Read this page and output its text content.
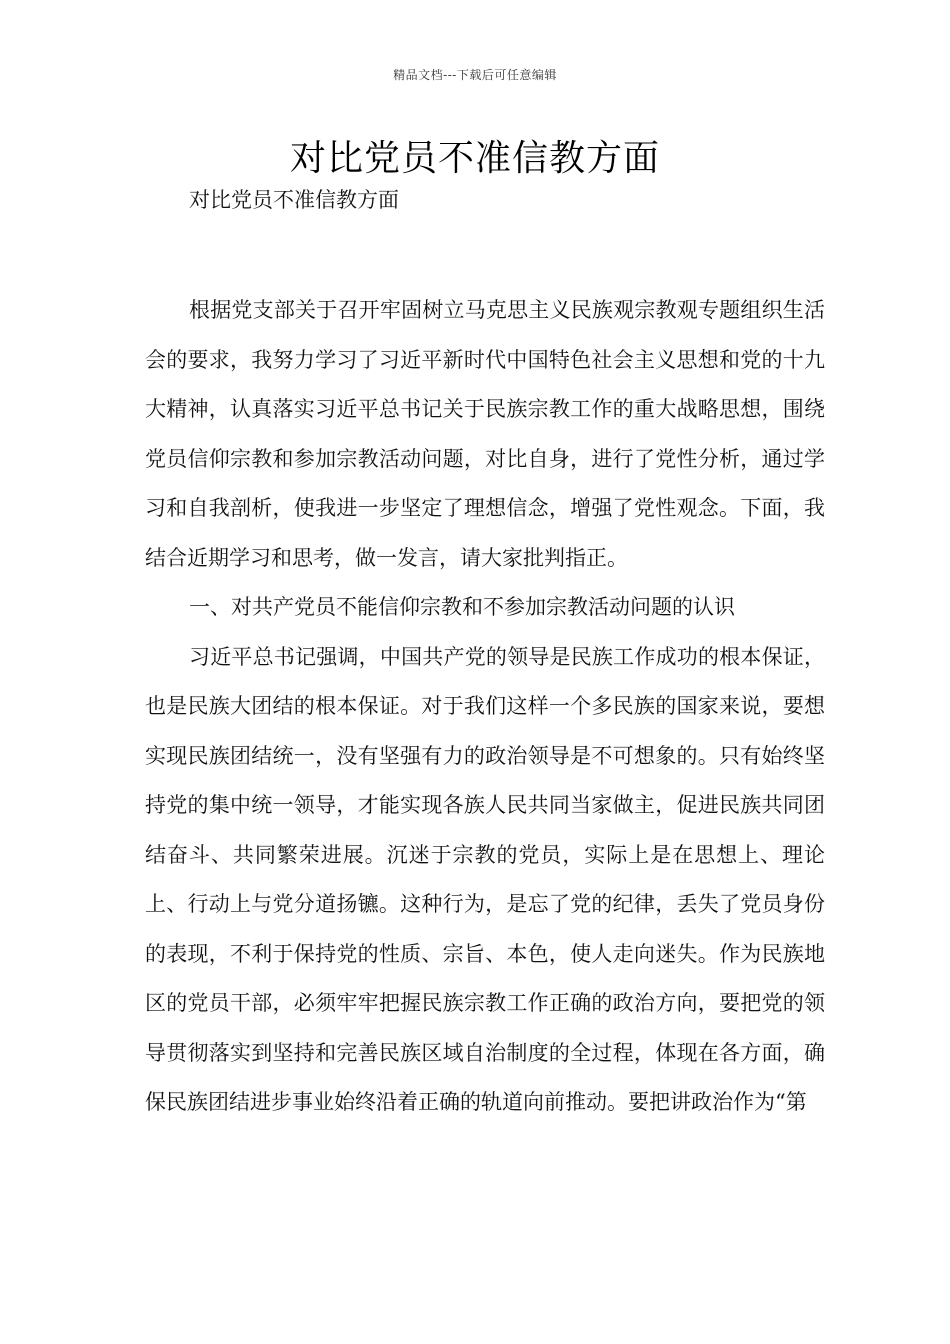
精品文档---下载后可任意编辑
对比党员不准信教方面
对比党员不准信教方面

根据党支部关于召开牢固树立马克思主义民族观宗教观专题组织生活会的要求，我努力学习了习近平新时代中国特色社会主义思想和党的十九大精神，认真落实习近平总书记关于民族宗教工作的重大战略思想，围绕党员信仰宗教和参加宗教活动问题，对比自身，进行了党性分析，通过学习和自我剖析，使我进一步坚定了理想信念，增强了党性观念。下面，我结合近期学习和思考，做一发言，请大家批判指正。

一、对共产党员不能信仰宗教和不参加宗教活动问题的认识

习近平总书记强调，中国共产党的领导是民族工作成功的根本保证，也是民族大团结的根本保证。对于我们这样一个多民族的国家来说，要想实现民族团结统一，没有坚强有力的政治领导是不可想象的。只有始终坚持党的集中统一领导，才能实现各族人民共同当家做主，促进民族共同团结奋斗、共同繁荣进展。沉迷于宗教的党员，实际上是在思想上、理论上、行动上与党分道扬镳。这种行为，是忘了党的纪律，丢失了党员身份的表现，不利于保持党的性质、宗旨、本色，使人走向迷失。作为民族地区的党员干部，必须牢牢把握民族宗教工作正确的政治方向，要把党的领导贯彻落实到坚持和完善民族区域自治制度的全过程，体现在各方面，确保民族团结进步事业始终沿着正确的轨道向前推动。要把讲政治作为“第
